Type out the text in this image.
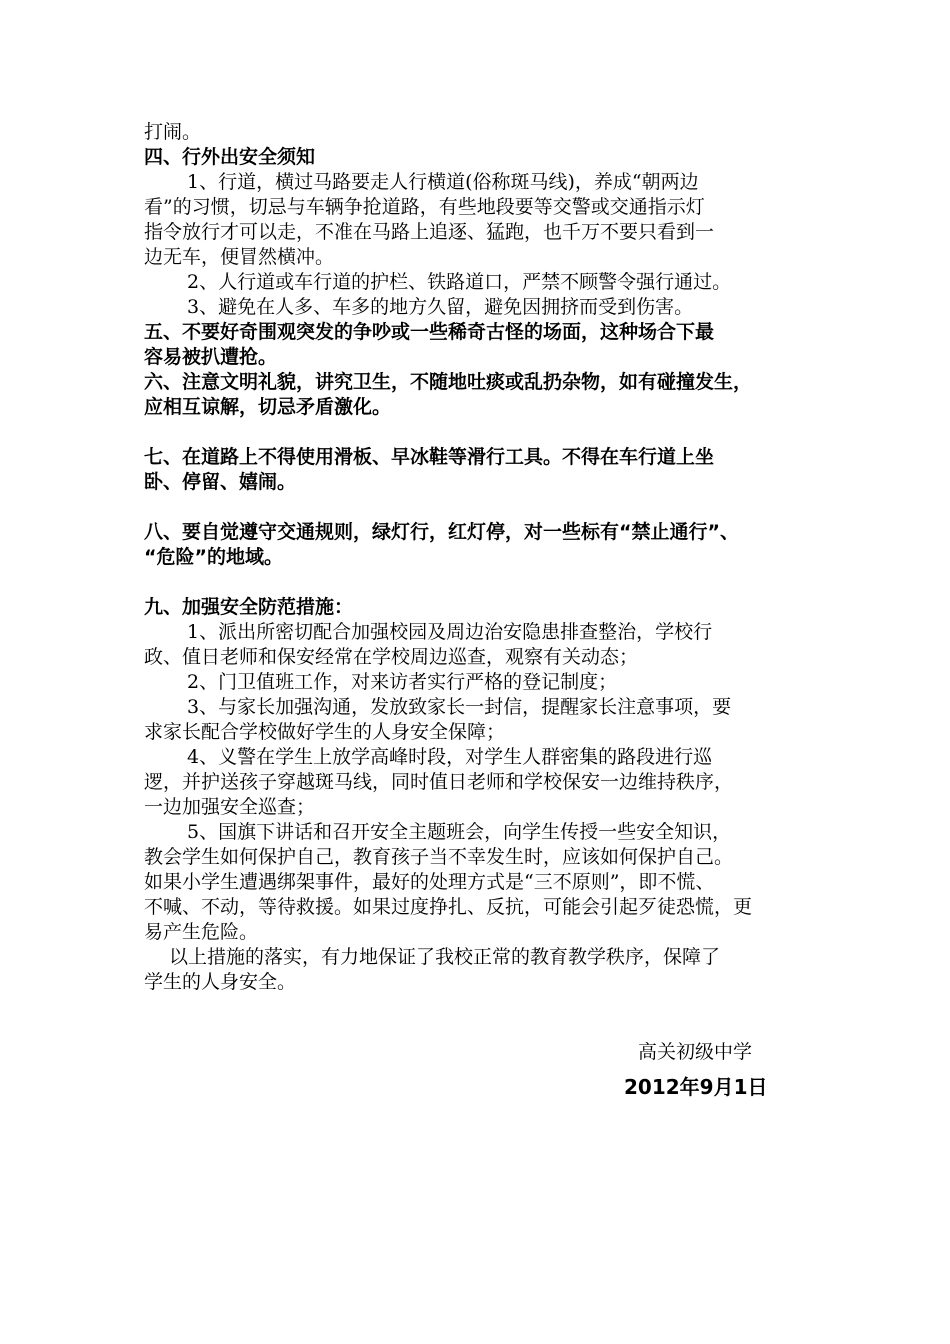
打闹。
四、行外出安全须知
1、行道，横过马路要走人行横道(俗称斑马线)，养成“朝两边
看”的习惯，切忌与车辆争抢道路，有些地段要等交警或交通指示灯
指令放行才可以走，不准在马路上追逐、猛跑，也千万不要只看到一
边无车，便冒然横冲。
2、人行道或车行道的护栏、铁路道口，严禁不顾警令强行通过。
3、避免在人多、车多的地方久留，避免因拥挤而受到伤害。
五、不要好奇围观突发的争吵或一些稀奇古怪的场面，这种场合下最
容易被扒遭抢。
六、注意文明礼貌，讲究卫生，不随地吐痰或乱扔杂物，如有碰撞发生，
应相互谅解，切忌矛盾激化。
七、在道路上不得使用滑板、早冰鞋等滑行工具。不得在车行道上坐
卧、停留、嬉闹。
八、要自觉遵守交通规则，绿灯行，红灯停，对一些标有“禁止通行”、
“危险”的地域。
九、加强安全防范措施：
1、派出所密切配合加强校园及周边治安隐患排查整治，学校行
政、值日老师和保安经常在学校周边巡查，观察有关动态；
2、门卫值班工作，对来访者实行严格的登记制度；
3、与家长加强沟通，发放致家长一封信，提醒家长注意事项，要
求家长配合学校做好学生的人身安全保障；
4、义警在学生上放学高峰时段，对学生人群密集的路段进行巡
逻，并护送孩子穿越斑马线，同时值日老师和学校保安一边维持秩序，
一边加强安全巡查；
5、国旗下讲话和召开安全主题班会，向学生传授一些安全知识，
教会学生如何保护自己，教育孩子当不幸发生时，应该如何保护自己。
如果小学生遭遇绑架事件，最好的处理方式是“三不原则”，即不慌、
不喊、不动，等待救援。如果过度挣扎、反抗，可能会引起歹徒恐慌，更
易产生危险。
以上措施的落实，有力地保证了我校正常的教育教学秩序，保障了
学生的人身安全。
高关初级中学
2012年9月1日
